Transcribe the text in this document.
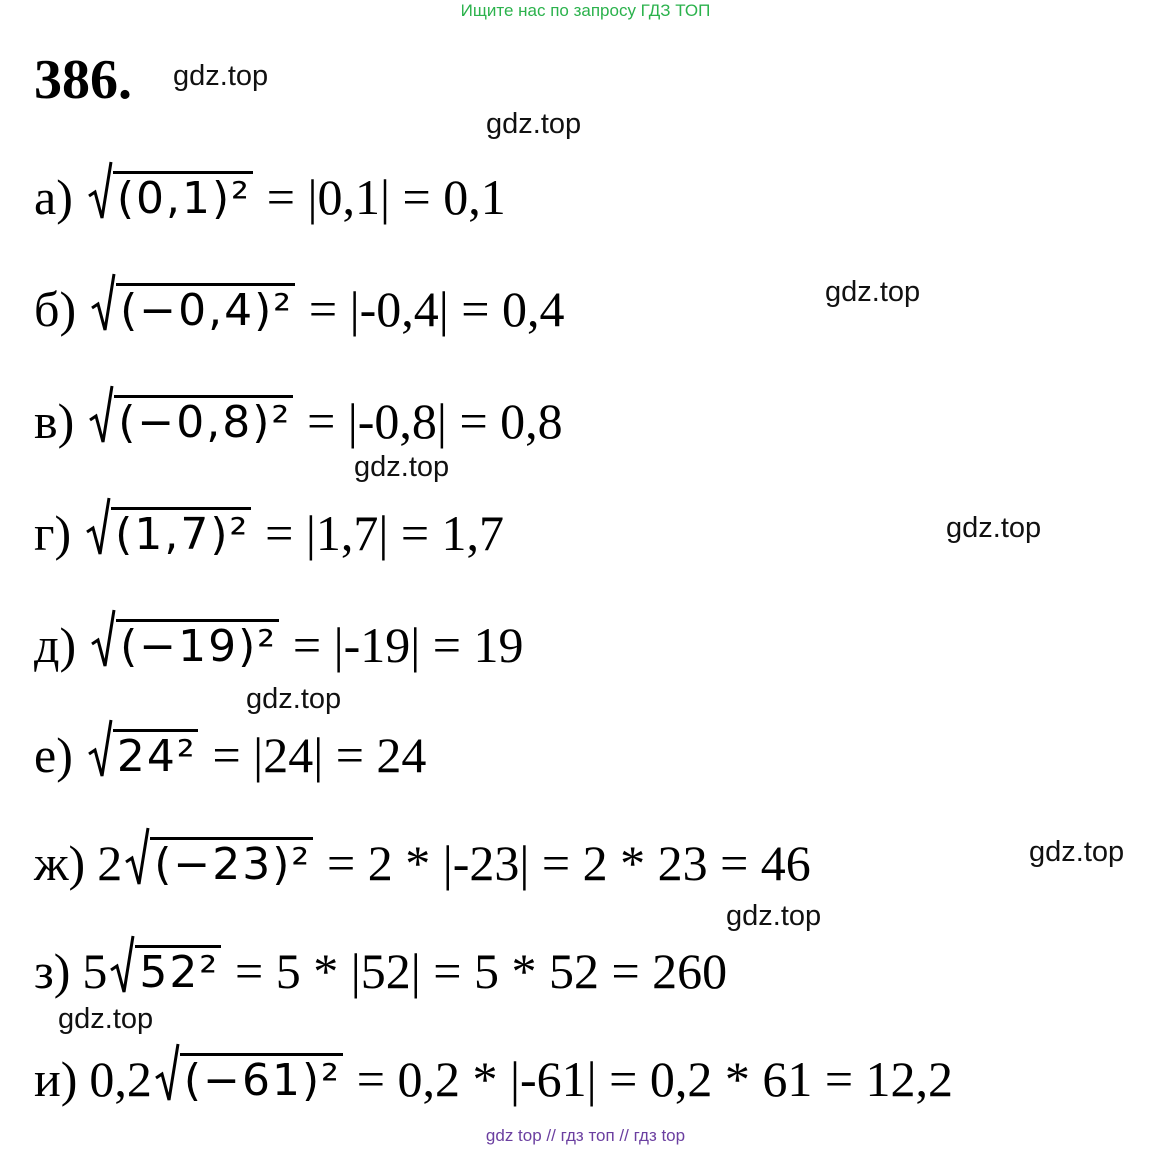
Ищите нас по запросу ГДЗ ТОП
386. gdz.top
gdz.top
gdz.top
gdz.top
gdz.top
gdz.top
gdz.top
gdz.top
gdz.top
а) (0,1)² = |0,1| = 0,1
б) (−0,4)² = |-0,4| = 0,4
в) (−0,8)² = |-0,8| = 0,8
г) (1,7)² = |1,7| = 1,7
д) (−19)² = |-19| = 19
е) 24² = |24| = 24
ж) 2 (−23)² = 2 * |-23| = 2 * 23 = 46
з) 5 52² = 5 * |52| = 5 * 52 = 260
и) 0,2 (−61)² = 0,2 * |-61| = 0,2 * 61 = 12,2
gdz top // гдз топ // гдз top
